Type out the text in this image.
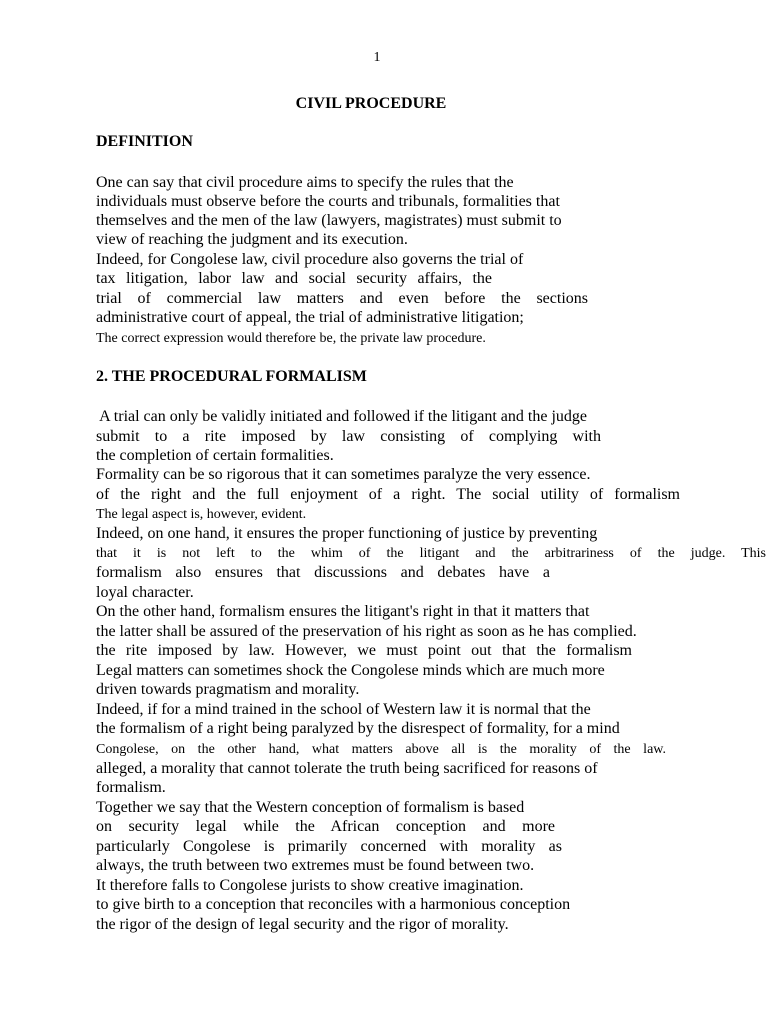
1
CIVIL PROCEDURE
DEFINITION
One can say that civil procedure aims to specify the rules that the
individuals must observe before the courts and tribunals, formalities that
themselves and the men of the law (lawyers, magistrates) must submit to
view of reaching the judgment and its execution.
Indeed, for Congolese law, civil procedure also governs the trial of
tax litigation, labor law and social security affairs, the
trial of commercial law matters and even before the sections
administrative court of appeal, the trial of administrative litigation;
The correct expression would therefore be, the private law procedure.
2. THE PROCEDURAL FORMALISM
A trial can only be validly initiated and followed if the litigant and the judge
submit to a rite imposed by law consisting of complying with
the completion of certain formalities.
Formality can be so rigorous that it can sometimes paralyze the very essence.
of the right and the full enjoyment of a right. The social utility of formalism
The legal aspect is, however, evident.
Indeed, on one hand, it ensures the proper functioning of justice by preventing
that it is not left to the whim of the litigant and the arbitrariness of the judge. This
formalism also ensures that discussions and debates have a
loyal character.
On the other hand, formalism ensures the litigant's right in that it matters that
the latter shall be assured of the preservation of his right as soon as he has complied.
the rite imposed by law. However, we must point out that the formalism
Legal matters can sometimes shock the Congolese minds which are much more
driven towards pragmatism and morality.
Indeed, if for a mind trained in the school of Western law it is normal that the
the formalism of a right being paralyzed by the disrespect of formality, for a mind
Congolese, on the other hand, what matters above all is the morality of the law.
alleged, a morality that cannot tolerate the truth being sacrificed for reasons of
formalism.
Together we say that the Western conception of formalism is based
on security legal while the African conception and more
particularly Congolese is primarily concerned with morality as
always, the truth between two extremes must be found between two.
It therefore falls to Congolese jurists to show creative imagination.
to give birth to a conception that reconciles with a harmonious conception
the rigor of the design of legal security and the rigor of morality.
